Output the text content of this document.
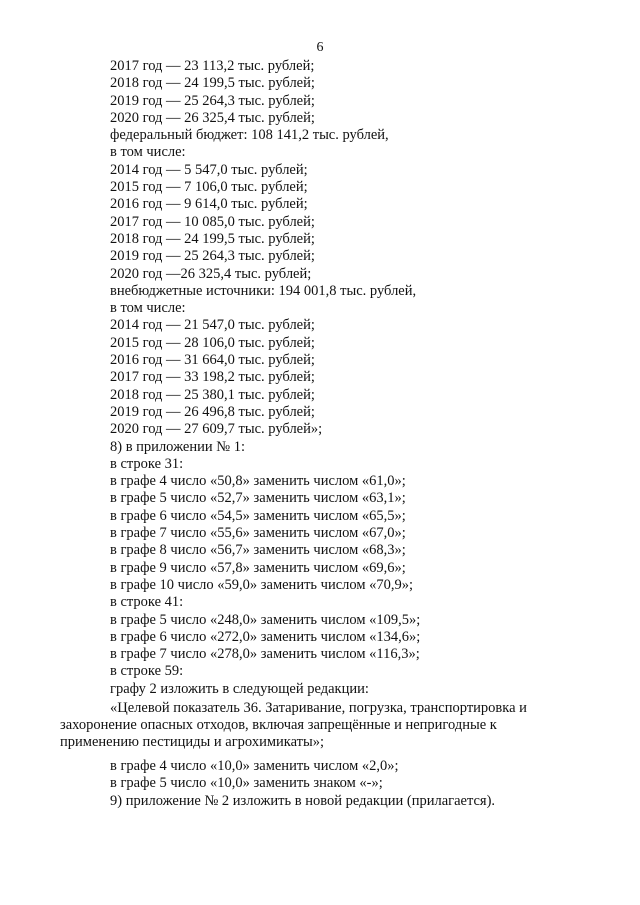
6
2017 год — 23 113,2 тыс. рублей;
2018 год — 24 199,5 тыс. рублей;
2019 год — 25 264,3 тыс. рублей;
2020 год — 26 325,4 тыс. рублей;
федеральный бюджет: 108 141,2 тыс. рублей,
в том числе:
2014 год — 5 547,0 тыс. рублей;
2015 год — 7 106,0 тыс. рублей;
2016 год — 9 614,0 тыс. рублей;
2017 год — 10 085,0 тыс. рублей;
2018 год — 24 199,5 тыс. рублей;
2019 год — 25 264,3 тыс. рублей;
2020 год —26 325,4 тыс. рублей;
внебюджетные источники: 194 001,8 тыс. рублей,
в том числе:
2014 год — 21 547,0 тыс. рублей;
2015 год — 28 106,0 тыс. рублей;
2016 год — 31 664,0 тыс. рублей;
2017 год — 33 198,2 тыс. рублей;
2018 год — 25 380,1 тыс. рублей;
2019 год — 26 496,8 тыс. рублей;
2020 год — 27 609,7 тыс. рублей»;
8) в приложении № 1:
в строке 31:
в графе 4 число «50,8» заменить числом «61,0»;
в графе 5 число «52,7» заменить числом «63,1»;
в графе 6 число «54,5» заменить числом «65,5»;
в графе 7 число «55,6» заменить числом «67,0»;
в графе 8 число «56,7» заменить числом «68,3»;
в графе 9 число «57,8» заменить числом «69,6»;
в графе 10 число «59,0» заменить числом «70,9»;
в строке 41:
в графе 5 число «248,0» заменить числом «109,5»;
в графе 6 число «272,0» заменить числом «134,6»;
в графе 7 число «278,0» заменить числом «116,3»;
в строке 59:
графу 2 изложить в следующей редакции:
«Целевой показатель 36. Затаривание, погрузка, транспортировка и
захоронение опасных отходов, включая запрещённые и непригодные к
применению пестициды и агрохимикаты»;
в графе 4 число «10,0» заменить числом «2,0»;
в графе 5 число «10,0» заменить знаком «-»;
9) приложение № 2 изложить в новой редакции (прилагается).
